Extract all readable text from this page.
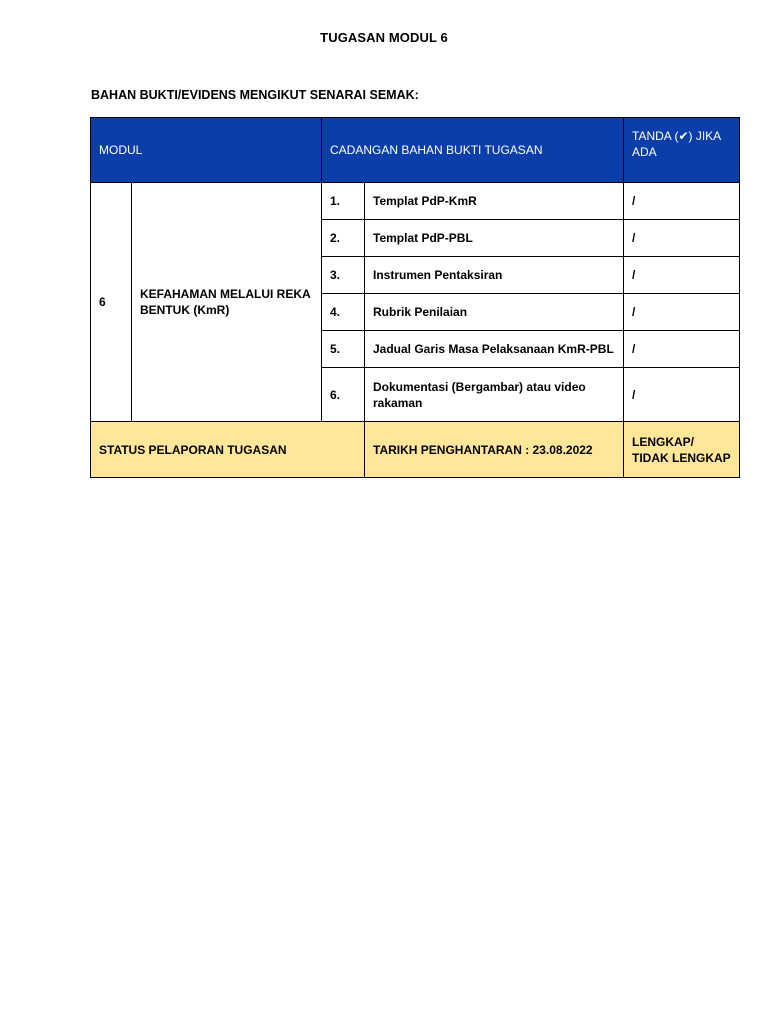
TUGASAN MODUL 6
BAHAN BUKTI/EVIDENS MENGIKUT SENARAI SEMAK:
MODUL		CADANGAN BAHAN BUKTI TUGASAN		TANDA (✔) JIKA ADA
6	KEFAHAMAN MELALUI REKA BENTUK (KmR)	1.	Templat PdP-KmR	/
		2.	Templat PdP-PBL	/
		3.	Instrumen Pentaksiran	/
		4.	Rubrik Penilaian	/
		5.	Jadual Garis Masa Pelaksanaan KmR-PBL	/
		6.	Dokumentasi (Bergambar) atau video rakaman	/
STATUS PELAPORAN TUGASAN			TARIKH PENGHANTARAN : 23.08.2022	LENGKAP/
TIDAK LENGKAP
